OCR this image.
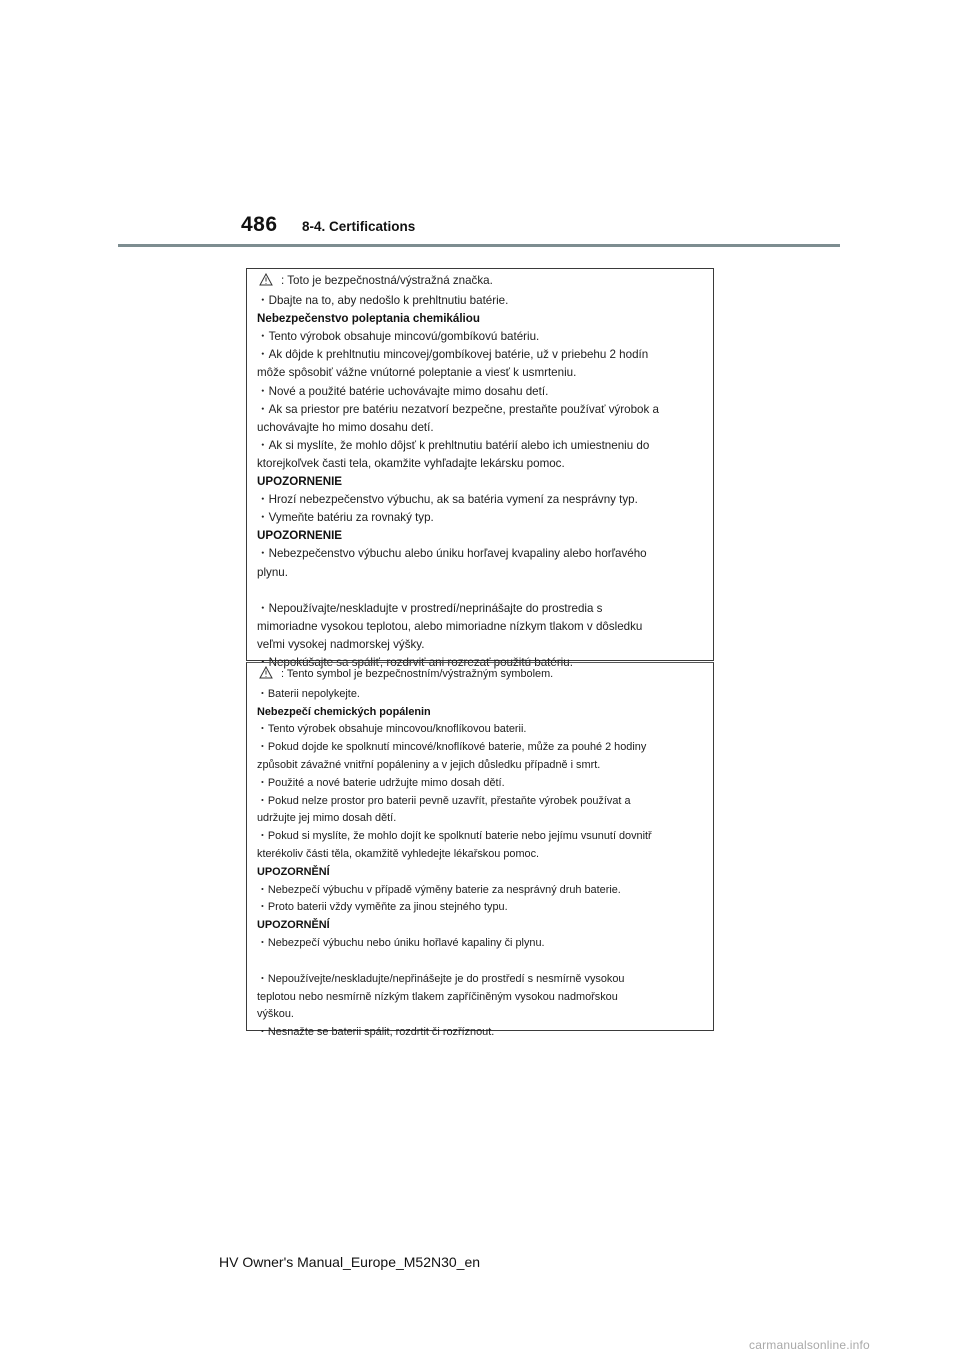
486 8-4. Certifications
: Toto je bezpečnostná/výstražná značka.
・Dbajte na to, aby nedošlo k prehltnutiu batérie.
Nebezpečenstvo poleptania chemikáliou
・Tento výrobok obsahuje mincovú/gombíkovú batériu.
・Ak dôjde k prehltnutiu mincovej/gombíkovej batérie, už v priebehu 2 hodín
môže spôsobiť vážne vnútorné poleptanie a viesť k usmrteniu.
・Nové a použité batérie uchovávajte mimo dosahu detí.
・Ak sa priestor pre batériu nezatvorí bezpečne, prestaňte používať výrobok a
uchovávajte ho mimo dosahu detí.
・Ak si myslíte, že mohlo dôjsť k prehltnutiu batérií alebo ich umiestneniu do
ktorejkoľvek časti tela, okamžite vyhľadajte lekársku pomoc.
UPOZORNENIE
・Hrozí nebezpečenstvo výbuchu, ak sa batéria vymení za nesprávny typ.
・Vymeňte batériu za rovnaký typ.
UPOZORNENIE
・Nebezpečenstvo výbuchu alebo úniku horľavej kvapaliny alebo horľavého
plynu.
・Nepoužívajte/neskladujte v prostredí/neprinášajte do prostredia s
mimoriadne vysokou teplotou, alebo mimoriadne nízkym tlakom v dôsledku
veľmi vysokej nadmorskej výšky.
・Nepokúšajte sa spáliť, rozdrviť ani rozrezať použitú batériu.
: Tento symbol je bezpečnostním/výstražným symbolem.
・Baterii nepolykejte.
Nebezpečí chemických popálenin
・Tento výrobek obsahuje mincovou/knoflíkovou baterii.
・Pokud dojde ke spolknutí mincové/knoflíkové baterie, může za pouhé 2 hodiny
způsobit závažné vnitřní popáleniny a v jejich důsledku případně i smrt.
・Použité a nové baterie udržujte mimo dosah dětí.
・Pokud nelze prostor pro baterii pevně uzavřít, přestaňte výrobek používat a
udržujte jej mimo dosah dětí.
・Pokud si myslíte, že mohlo dojít ke spolknutí baterie nebo jejímu vsunutí dovnitř
kterékoliv části těla, okamžitě vyhledejte lékařskou pomoc.
UPOZORNĚNÍ
・Nebezpečí výbuchu v případě výměny baterie za nesprávný druh baterie.
・Proto baterii vždy vyměňte za jinou stejného typu.
UPOZORNĚNÍ
・Nebezpečí výbuchu nebo úniku hořlavé kapaliny či plynu.
・Nepoužívejte/neskladujte/nepřinášejte je do prostředí s nesmírně vysokou
teplotou nebo nesmírně nízkým tlakem zapříčiněným vysokou nadmořskou
výškou.
・Nesnažte se baterii spálit, rozdrtit či rozříznout.
HV Owner's Manual_Europe_M52N30_en
carmanualsonline.info
